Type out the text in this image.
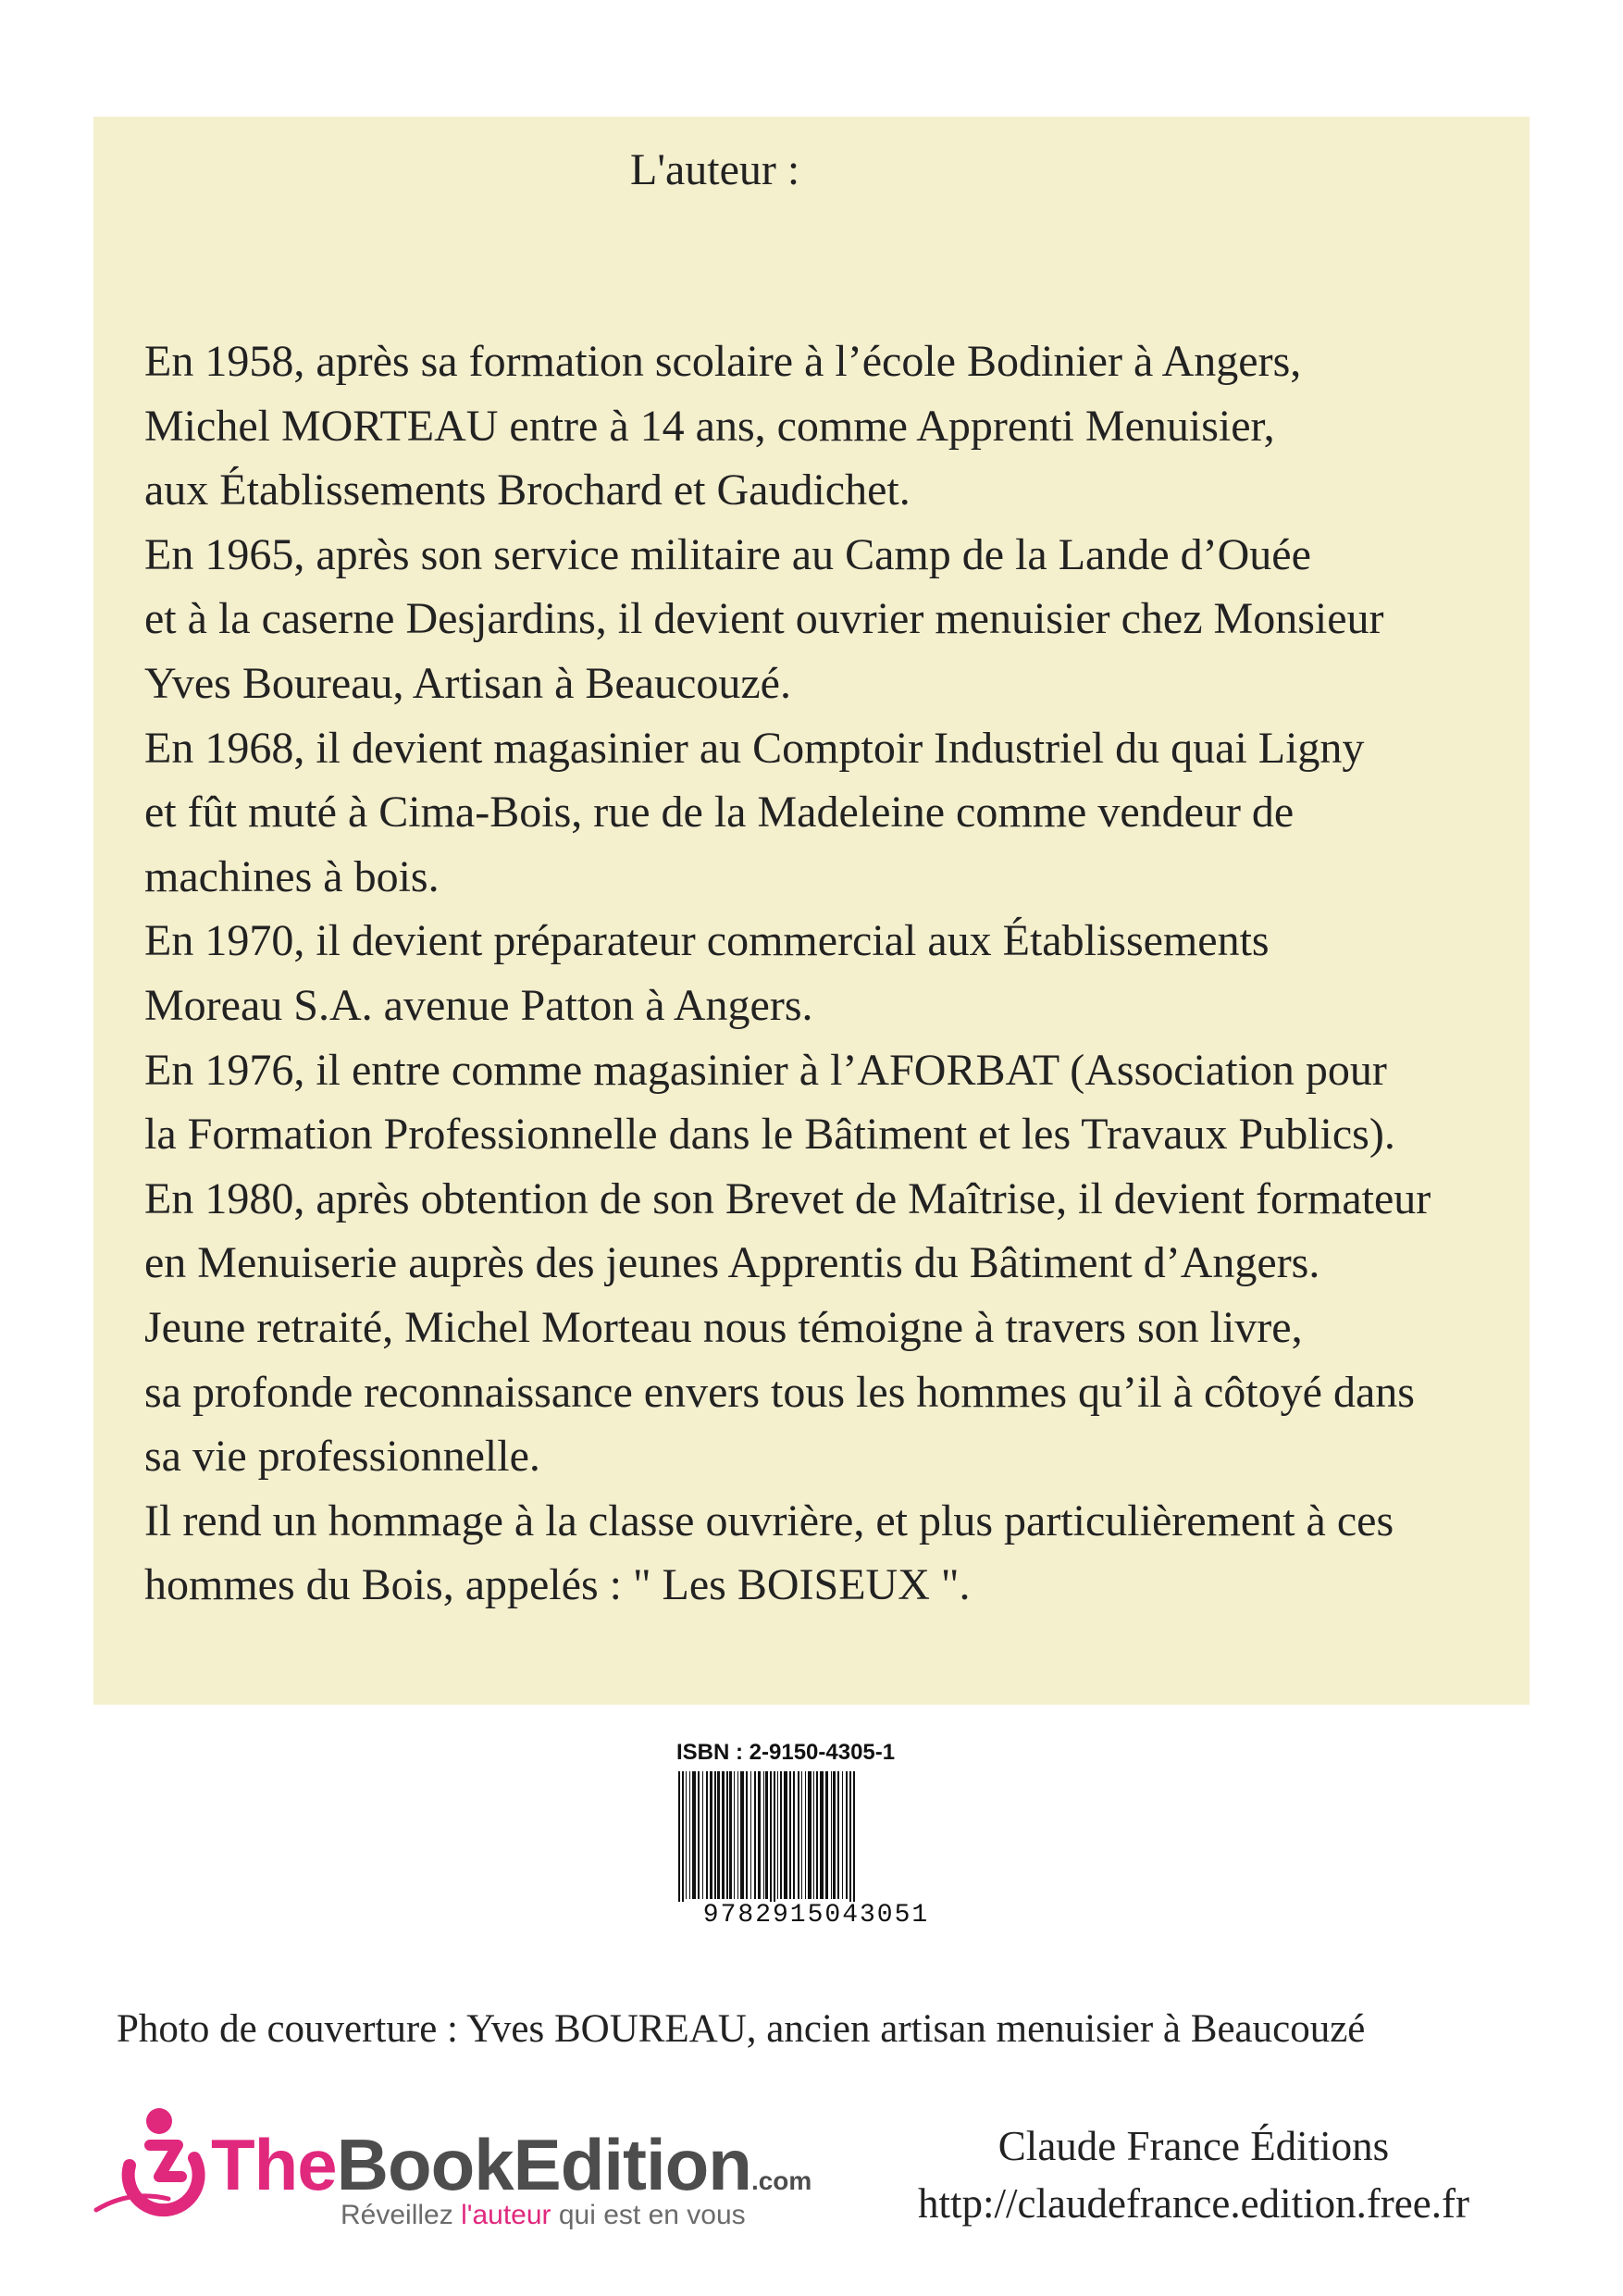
L'auteur :
En 1958, après sa formation scolaire à l’école Bodinier à Angers,
Michel MORTEAU entre à 14 ans, comme Apprenti Menuisier,
aux Établissements Brochard et Gaudichet.
En 1965, après son service militaire au Camp de la Lande d’Ouée
et à la caserne Desjardins, il devient ouvrier menuisier chez Monsieur
Yves Boureau, Artisan à Beaucouzé.
En 1968, il devient magasinier au Comptoir Industriel du quai Ligny
et fût muté à Cima-Bois, rue de la Madeleine comme vendeur de
machines à bois.
En 1970, il devient préparateur commercial aux Établissements
Moreau S.A. avenue Patton à Angers.
En 1976, il entre comme magasinier à l’AFORBAT (Association pour
la Formation Professionnelle dans le Bâtiment et les Travaux Publics).
En 1980, après obtention de son Brevet de Maîtrise, il devient formateur
en Menuiserie auprès des jeunes Apprentis du Bâtiment d’Angers.
Jeune retraité, Michel Morteau nous témoigne à travers son livre,
sa profonde reconnaissance envers tous les hommes qu’il à côtoyé dans
sa vie professionnelle.
Il rend un hommage à la classe ouvrière, et plus particulièrement à ces
hommes du Bois, appelés : " Les BOISEUX ".
ISBN : 2-9150-4305-1
9782915043051
Photo de couverture : Yves BOUREAU, ancien artisan menuisier à Beaucouzé
TheBookEdition.com
Réveillez l'auteur qui est en vous
Claude France Éditions
http://claudefrance.edition.free.fr
